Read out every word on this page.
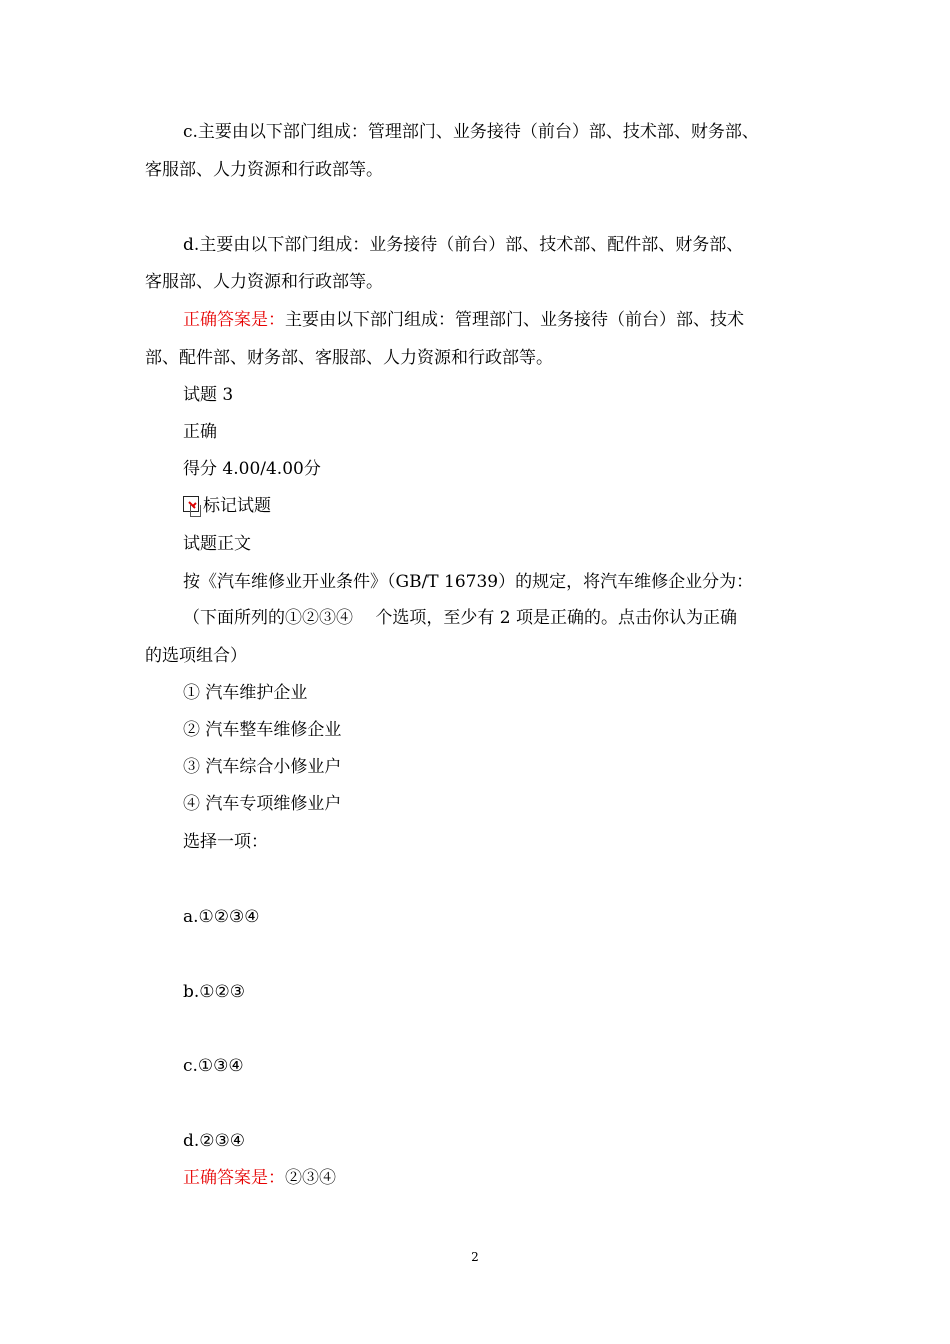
c.主要由以下部门组成：管理部门、业务接待（前台）部、技术部、财务部、
客服部、人力资源和行政部等。
d.主要由以下部门组成：业务接待（前台）部、技术部、配件部、财务部、
客服部、人力资源和行政部等。
正确答案是：主要由以下部门组成：管理部门、业务接待（前台）部、技术
部、配件部、财务部、客服部、人力资源和行政部等。
试题 3
正确
得分 4.00/4.00分
标记试题
试题正文
按《汽车维修业开业条件》（GB/T 16739）的规定，将汽车维修企业分为：
（下面所列的①②③④　 个选项，至少有 2 项是正确的。点击你认为正确
的选项组合）
① 汽车维护企业
② 汽车整车维修企业
③ 汽车综合小修业户
④ 汽车专项维修业户
选择一项：
a.①②③④
b.①②③
c.①③④
d.②③④
正确答案是：②③④
2
